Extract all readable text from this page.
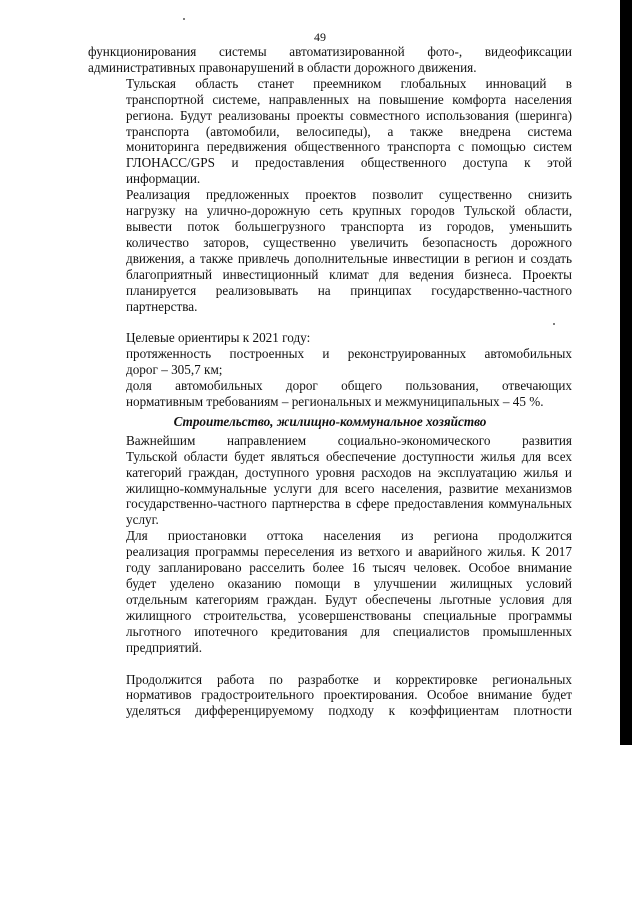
49

функционирования системы автоматизированной фото-, видеофиксации
административных правонарушений в области дорожного движения.

Тульская область станет преемником глобальных инноваций в
транспортной системе, направленных на повышение комфорта населения
региона. Будут реализованы проекты совместного использования (шеринга)
транспорта (автомобили, велосипеды), а также внедрена система
мониторинга передвижения общественного транспорта с помощью систем
ГЛОНАСС/GPS и предоставления общественного доступа к этой
информации.

Реализация предложенных проектов позволит существенно снизить
нагрузку на улично-дорожную сеть крупных городов Тульской области,
вывести поток большегрузного транспорта из городов, уменьшить
количество заторов, существенно увеличить безопасность дорожного
движения, а также привлечь дополнительные инвестиции в регион и создать
благоприятный инвестиционный климат для ведения бизнеса. Проекты
планируется реализовывать на принципах государственно-частного
партнерства.

Целевые ориентиры к 2021 году:

протяженность построенных и реконструированных автомобильных
дорог – 305,7 км;

доля автомобильных дорог общего пользования, отвечающих
нормативным требованиям – региональных и межмуниципальных – 45 %.

Строительство, жилищно-коммунальное хозяйство

Важнейшим направлением социально-экономического развития
Тульской области будет являться обеспечение доступности жилья для всех
категорий граждан, доступного уровня расходов на эксплуатацию жилья и
жилищно-коммунальные услуги для всего населения, развитие механизмов
государственно-частного партнерства в сфере предоставления коммунальных
услуг.

Для приостановки оттока населения из региона продолжится
реализация программы переселения из ветхого и аварийного жилья. К 2017
году запланировано расселить более 16 тысяч человек. Особое внимание
будет уделено оказанию помощи в улучшении жилищных условий
отдельным категориям граждан. Будут обеспечены льготные условия для
жилищного строительства, усовершенствованы специальные программы
льготного ипотечного кредитования для специалистов промышленных
предприятий.

Продолжится работа по разработке и корректировке региональных
нормативов градостроительного проектирования. Особое внимание будет
уделяться дифференцируемому подходу к коэффициентам плотности
